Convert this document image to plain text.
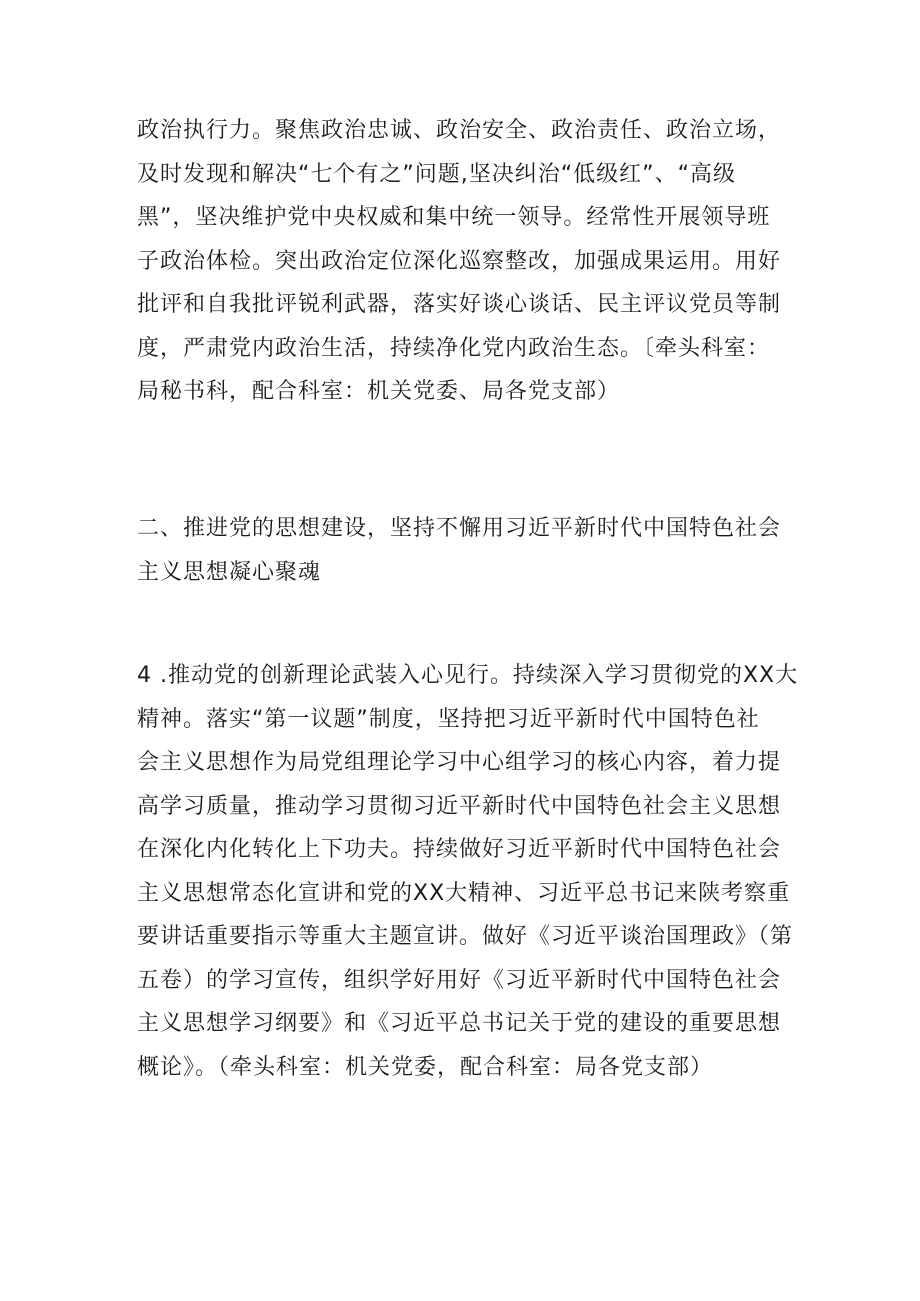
政治执行力。聚焦政治忠诚、政治安全、政治责任、政治立场，
及时发现和解决“七个有之”问题,坚决纠治“低级红”、“高级
黑”，坚决维护党中央权威和集中统一领导。经常性开展领导班
子政治体检。突出政治定位深化巡察整改，加强成果运用。用好
批评和自我批评锐利武器，落实好谈心谈话、民主评议党员等制
度，严肃党内政治生活，持续净化党内政治生态。〔牵头科室：
局秘书科，配合科室：机关党委、局各党支部）
二、推进党的思想建设，坚持不懈用习近平新时代中国特色社会
主义思想凝心聚魂
4 .推动党的创新理论武装入心见行。持续深入学习贯彻党的XX大
精神。落实“第一议题”制度，坚持把习近平新时代中国特色社
会主义思想作为局党组理论学习中心组学习的核心内容，着力提
高学习质量，推动学习贯彻习近平新时代中国特色社会主义思想
在深化内化转化上下功夫。持续做好习近平新时代中国特色社会
主义思想常态化宣讲和党的XX大精神、习近平总书记来陕考察重
要讲话重要指示等重大主题宣讲。做好《习近平谈治国理政》（第
五卷）的学习宣传，组织学好用好《习近平新时代中国特色社会
主义思想学习纲要》和《习近平总书记关于党的建设的重要思想
概论》。（牵头科室：机关党委，配合科室：局各党支部）
